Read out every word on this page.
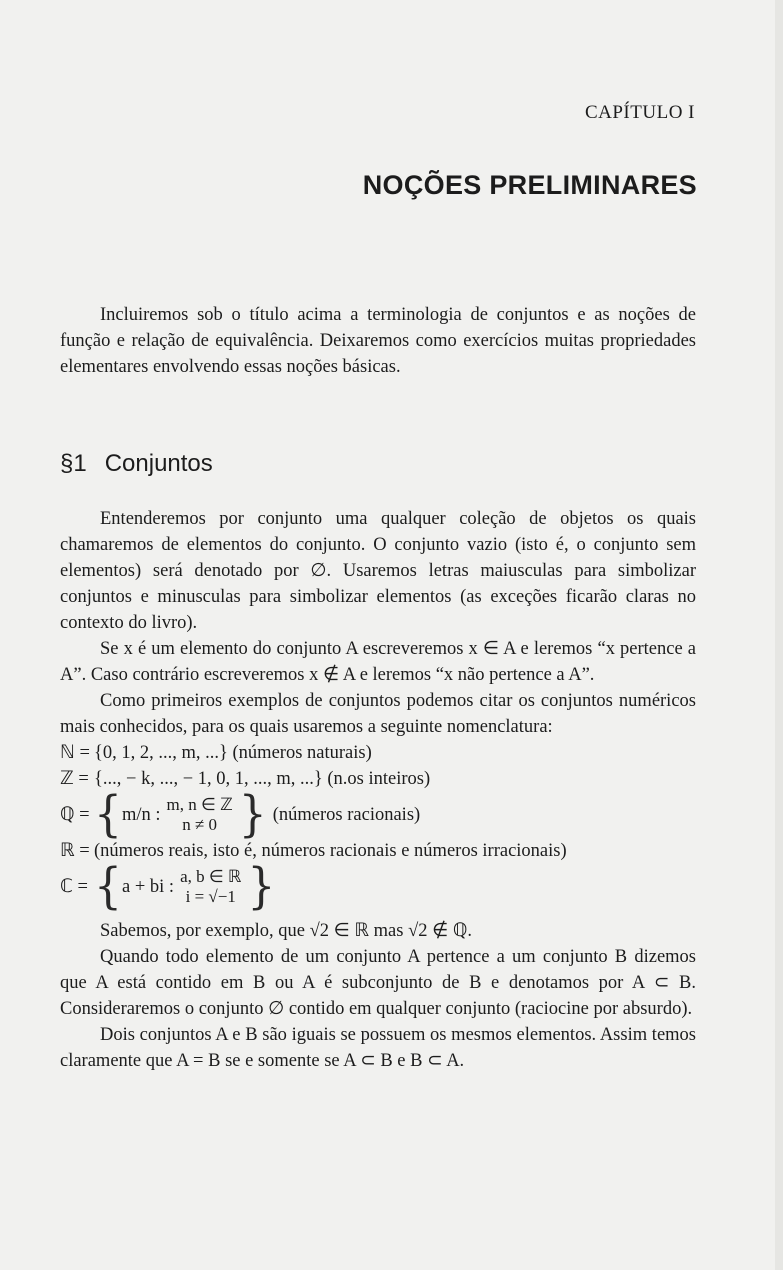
CAPÍTULO I
NOÇÕES PRELIMINARES

Incluiremos sob o título acima a terminologia de conjuntos e as noções de função e relação de equivalência. Deixaremos como exercícios muitas propriedades elementares envolvendo essas noções básicas.

§1 Conjuntos

Entenderemos por conjunto uma qualquer coleção de objetos os quais chamaremos de elementos do conjunto. O conjunto vazio (isto é, o conjunto sem elementos) será denotado por ∅. Usaremos letras maiusculas para simbolizar conjuntos e minusculas para simbolizar elementos (as exceções ficarão claras no contexto do livro).

Se x é um elemento do conjunto A escreveremos x ∈ A e leremos “x pertence a A”. Caso contrário escreveremos x ∉ A e leremos “x não pertence a A”.

Como primeiros exemplos de conjuntos podemos citar os conjuntos numéricos mais conhecidos, para os quais usaremos a seguinte nomenclatura:

ℕ = {0, 1, 2, ..., m, ...} (números naturais)
ℤ = {..., − k, ..., − 1, 0, 1, ..., m, ...} (n.os inteiros)
ℚ = { m/n :
m, n ∈ ℤ
n ≠ 0 } (números racionais)
ℝ = (números reais, isto é, números racionais e números irracionais)
ℂ = { a + bi :
a, b ∈ ℝ
i = √−1 }

Sabemos, por exemplo, que √2 ∈ ℝ mas √2 ∉ ℚ.

Quando todo elemento de um conjunto A pertence a um conjunto B dizemos que A está contido em B ou A é subconjunto de B e denotamos por A ⊂ B. Consideraremos o conjunto ∅ contido em qualquer conjunto (raciocine por absurdo).

Dois conjuntos A e B são iguais se possuem os mesmos elementos. Assim temos claramente que A = B se e somente se A ⊂ B e B ⊂ A.
